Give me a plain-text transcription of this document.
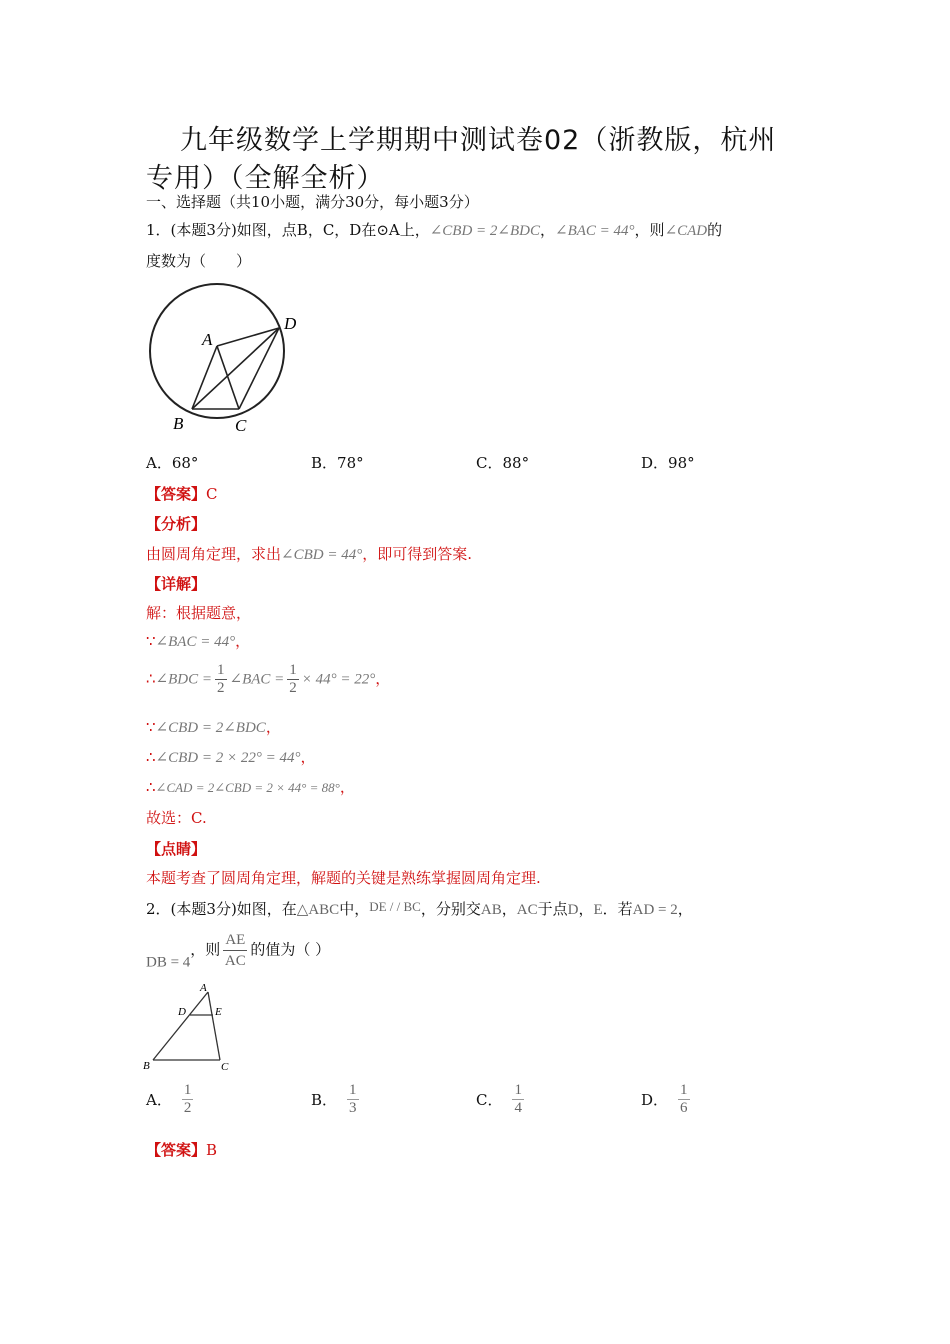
九年级数学上学期期中测试卷02（浙教版，杭州
专用）（全解全析）
一、选择题（共10小题，满分30分，每小题3分）
1．(本题3分)如图，点B，C，D在⊙A上，∠CBD = 2∠BDC，∠BAC = 44°，则∠CAD的
度数为（　　）
A
B	C
D
A．68°	B．78°	C．88°	D．98°
【答案】C
【分析】
由圆周角定理，求出∠CBD = 44°，即可得到答案.
【详解】
解：根据题意，
∵∠BAC = 44°，
∴∠BDC = $\frac{1}{2}$ ∠BAC = $\frac{1}{2} \times 44^\circ = 22^\circ$，
∵∠CBD = 2∠BDC，
∴∠CBD = 2 × 22° = 44°，
∴∠CAD = 2∠CBD = 2 × 44° = 88°，
故选：C.
【点睛】
本题考查了圆周角定理，解题的关键是熟练掌握圆周角定理.
2．(本题3分)如图，在△ABC中，DE / / BC，分别交AB，AC于点D，E．若AD = 2，
DB = 4，则 $\frac{AE}{AC}$ 的值为（ ）
A
D	E
B	C
A． $\frac{1}{2}$	B． $\frac{1}{3}$	C． $\frac{1}{4}$	D． $\frac{1}{6}$
【答案】B
